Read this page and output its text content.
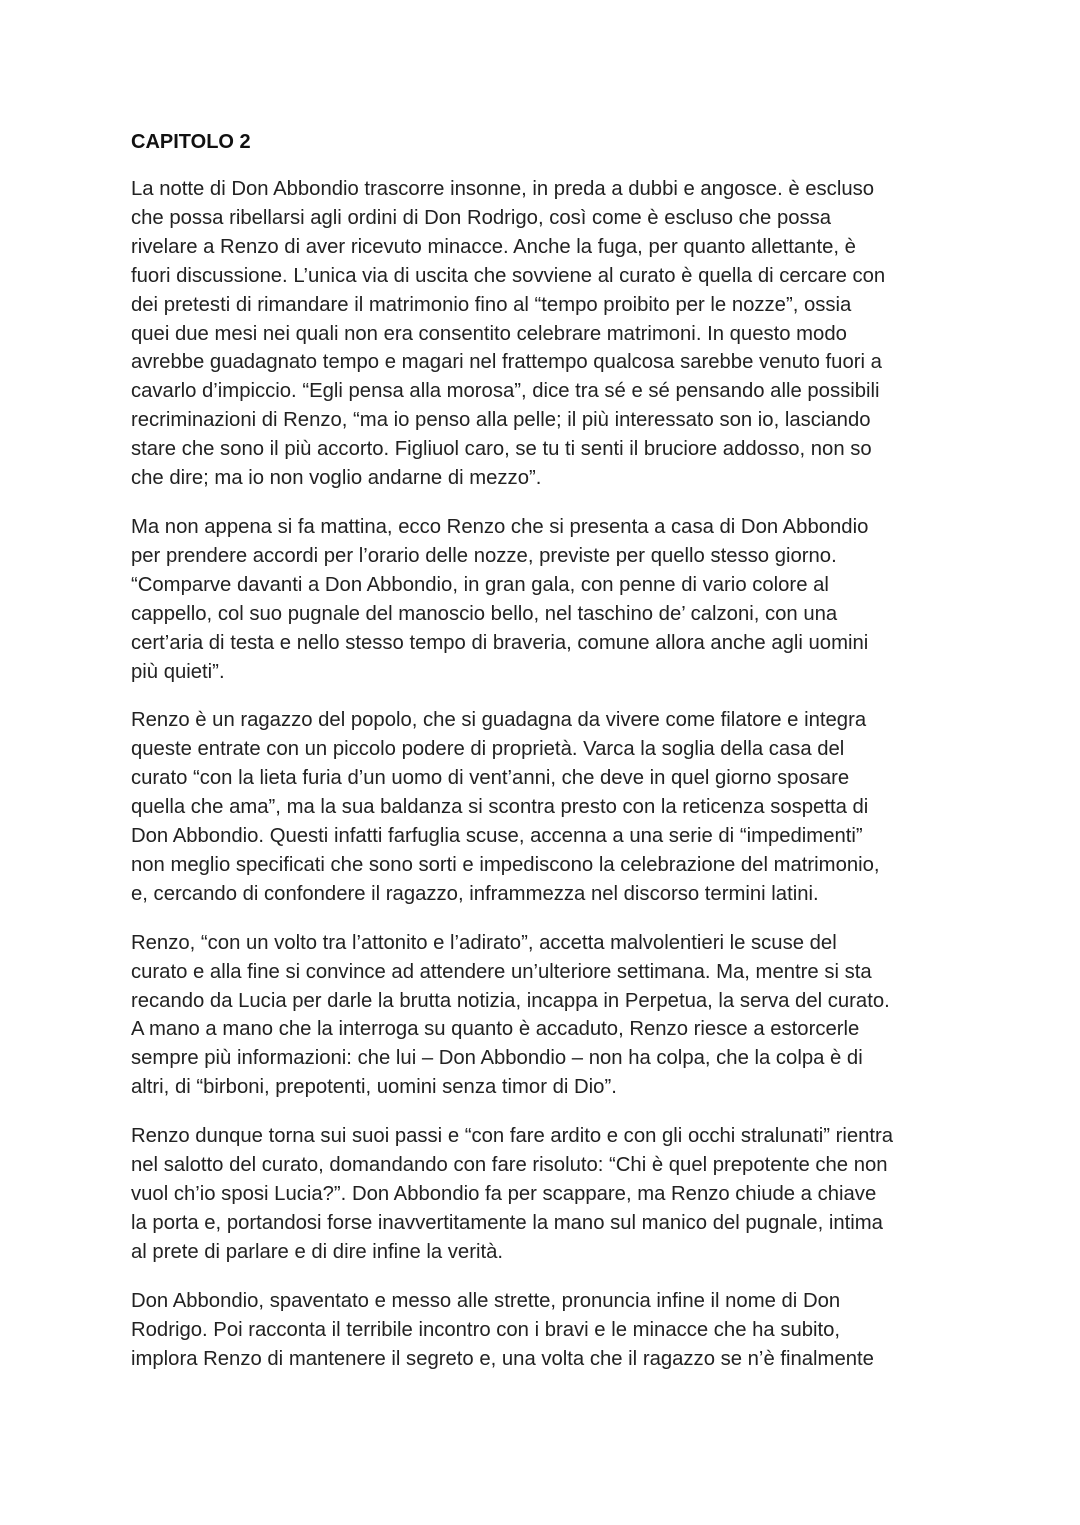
CAPITOLO 2

La notte di Don Abbondio trascorre insonne, in preda a dubbi e angosce. è escluso
che possa ribellarsi agli ordini di Don Rodrigo, così come è escluso che possa
rivelare a Renzo di aver ricevuto minacce. Anche la fuga, per quanto allettante, è
fuori discussione. L’unica via di uscita che sovviene al curato è quella di cercare con
dei pretesti di rimandare il matrimonio fino al “tempo proibito per le nozze”, ossia
quei due mesi nei quali non era consentito celebrare matrimoni. In questo modo
avrebbe guadagnato tempo e magari nel frattempo qualcosa sarebbe venuto fuori a
cavarlo d’impiccio. “Egli pensa alla morosa”, dice tra sé e sé pensando alle possibili
recriminazioni di Renzo, “ma io penso alla pelle; il più interessato son io, lasciando
stare che sono il più accorto. Figliuol caro, se tu ti senti il bruciore addosso, non so
che dire; ma io non voglio andarne di mezzo”.

Ma non appena si fa mattina, ecco Renzo che si presenta a casa di Don Abbondio
per prendere accordi per l’orario delle nozze, previste per quello stesso giorno.
“Comparve davanti a Don Abbondio, in gran gala, con penne di vario colore al
cappello, col suo pugnale del manoscio bello, nel taschino de’ calzoni, con una
cert’aria di testa e nello stesso tempo di braveria, comune allora anche agli uomini
più quieti”.

Renzo è un ragazzo del popolo, che si guadagna da vivere come filatore e integra
queste entrate con un piccolo podere di proprietà. Varca la soglia della casa del
curato “con la lieta furia d’un uomo di vent’anni, che deve in quel giorno sposare
quella che ama”, ma la sua baldanza si scontra presto con la reticenza sospetta di
Don Abbondio. Questi infatti farfuglia scuse, accenna a una serie di “impedimenti”
non meglio specificati che sono sorti e impediscono la celebrazione del matrimonio,
e, cercando di confondere il ragazzo, inframmezza nel discorso termini latini.

Renzo, “con un volto tra l’attonito e l’adirato”, accetta malvolentieri le scuse del
curato e alla fine si convince ad attendere un’ulteriore settimana. Ma, mentre si sta
recando da Lucia per darle la brutta notizia, incappa in Perpetua, la serva del curato.
A mano a mano che la interroga su quanto è accaduto, Renzo riesce a estorcerle
sempre più informazioni: che lui – Don Abbondio – non ha colpa, che la colpa è di
altri, di “birboni, prepotenti, uomini senza timor di Dio”.

Renzo dunque torna sui suoi passi e “con fare ardito e con gli occhi stralunati” rientra
nel salotto del curato, domandando con fare risoluto: “Chi è quel prepotente che non
vuol ch’io sposi Lucia?”. Don Abbondio fa per scappare, ma Renzo chiude a chiave
la porta e, portandosi forse inavvertitamente la mano sul manico del pugnale, intima
al prete di parlare e di dire infine la verità.

Don Abbondio, spaventato e messo alle strette, pronuncia infine il nome di Don
Rodrigo. Poi racconta il terribile incontro con i bravi e le minacce che ha subito,
implora Renzo di mantenere il segreto e, una volta che il ragazzo se n’è finalmente
